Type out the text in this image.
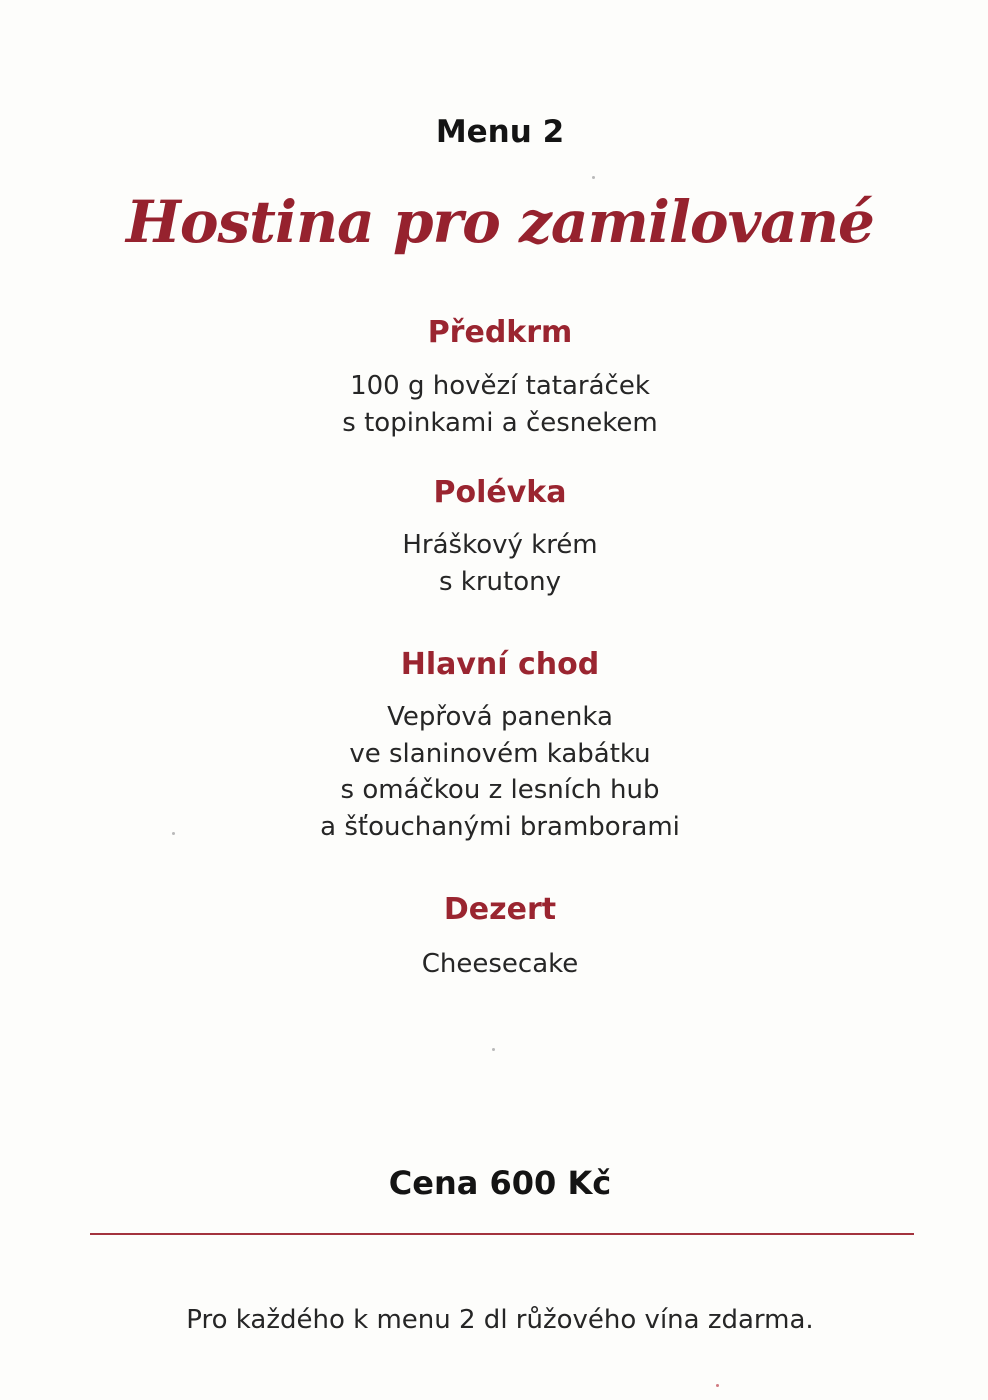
Menu 2
Hostina pro zamilované
Předkrm
100 g hovězí tataráček
s topinkami a česnekem
Polévka
Hráškový krém
s krutony
Hlavní chod
Vepřová panenka
ve slaninovém kabátku
s omáčkou z lesních hub
a šťouchanými bramborami
Dezert
Cheesecake
Cena 600 Kč
Pro každého k menu 2 dl růžového vína zdarma.
